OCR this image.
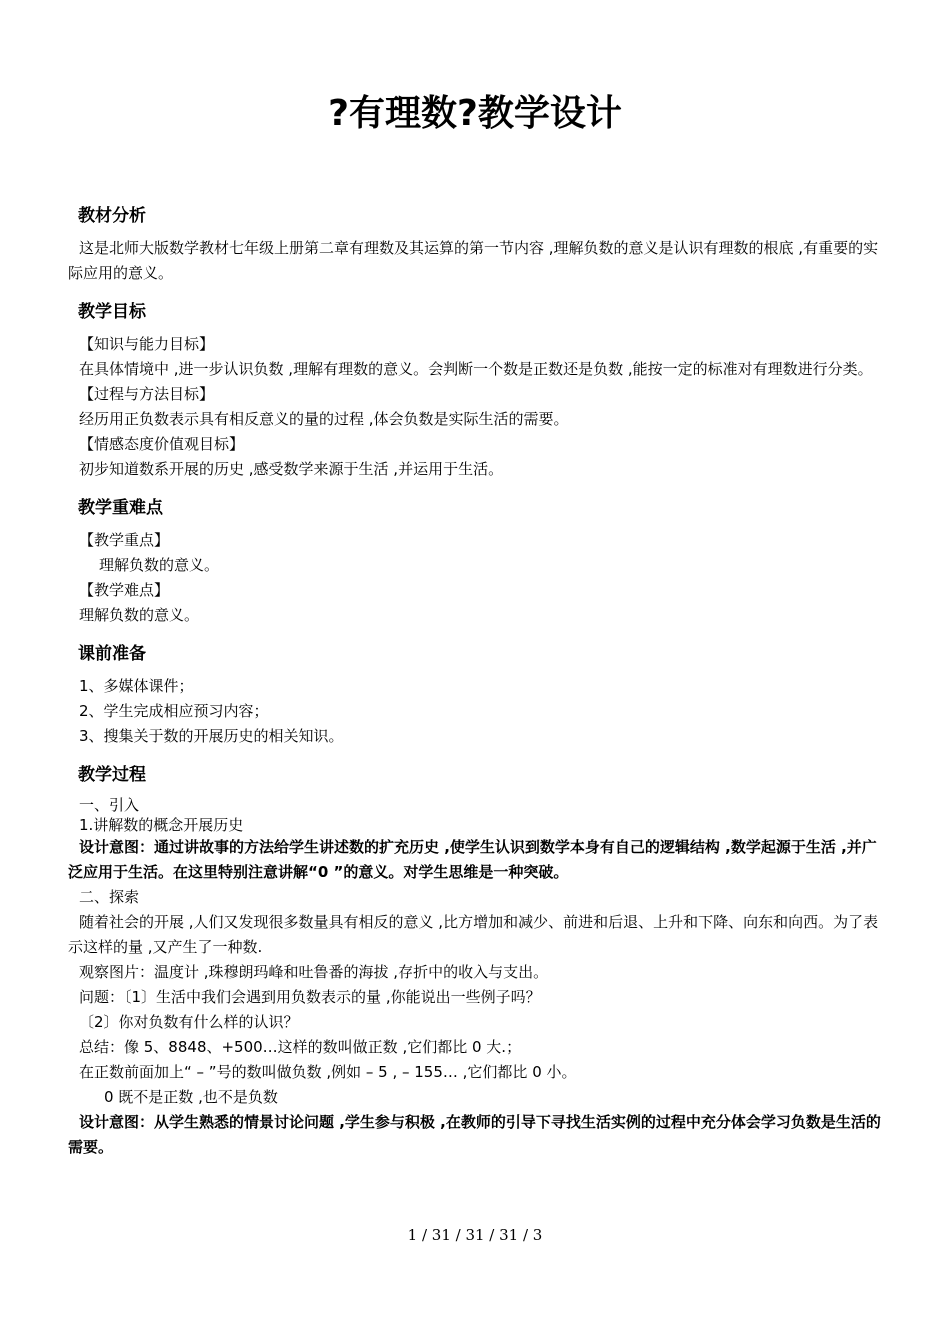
?有理数?教学设计
教材分析

这是北师大版数学教材七年级上册第二章有理数及其运算的第一节内容 ,理解负数的意义是认识有理数的根底 ,有重要的实际应用的意义。

教学目标

【知识与能力目标】

在具体情境中 ,进一步认识负数 ,理解有理数的意义。会判断一个数是正数还是负数 ,能按一定的标准对有理数进行分类。

【过程与方法目标】

经历用正负数表示具有相反意义的量的过程 ,体会负数是实际生活的需要。

【情感态度价值观目标】

初步知道数系开展的历史 ,感受数学来源于生活 ,并运用于生活。

教学重难点

【教学重点】

理解负数的意义。

【教学难点】

理解负数的意义。

课前准备

1、多媒体课件；

2、学生完成相应预习内容；

3、搜集关于数的开展历史的相关知识。

教学过程

一、引入

1.讲解数的概念开展历史

设计意图：通过讲故事的方法给学生讲述数的扩充历史 ,使学生认识到数学本身有自己的逻辑结构 ,数学起源于生活 ,并广泛应用于生活。在这里特别注意讲解“0 ”的意义。对学生思维是一种突破。

二、探索

随着社会的开展 ,人们又发现很多数量具有相反的意义 ,比方增加和减少、前进和后退、上升和下降、向东和向西。为了表示这样的量 ,又产生了一种数.

观察图片：温度计 ,珠穆朗玛峰和吐鲁番的海拔 ,存折中的收入与支出。

问题：〔1〕生活中我们会遇到用负数表示的量 ,你能说出一些例子吗？

〔2〕你对负数有什么样的认识？

总结：像 5、8848、+500…这样的数叫做正数 ,它们都比 0 大.；

在正数前面加上“ – ”号的数叫做负数 ,例如 – 5 , – 155… ,它们都比 0 小。

0 既不是正数 ,也不是负数

设计意图：从学生熟悉的情景讨论问题 ,学生参与积极 ,在教师的引导下寻找生活实例的过程中充分体会学习负数是生活的需要。

1 / 31 / 31 / 31 / 3
